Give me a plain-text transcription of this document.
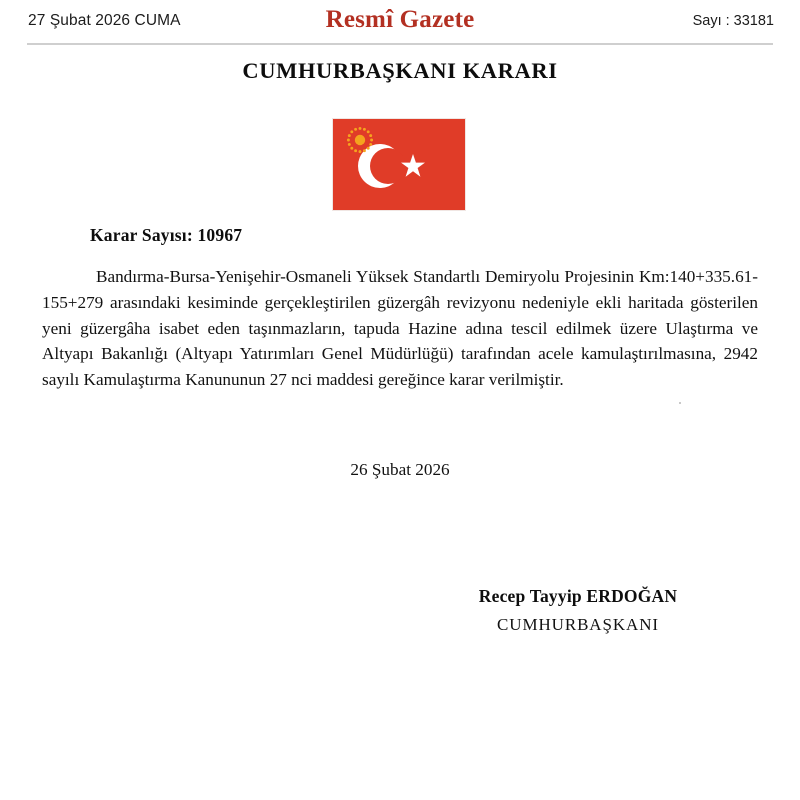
27 Şubat 2026 CUMA	Resmî Gazete	Sayı : 33181
CUMHURBAŞKANI KARARI
Karar Sayısı: 10967
Bandırma-Bursa-Yenişehir-Osmaneli Yüksek Standartlı Demiryolu Projesinin Km:140+335.61-155+279 arasındaki kesiminde gerçekleştirilen güzergâh revizyonu nedeniyle ekli haritada gösterilen yeni güzergâha isabet eden taşınmazların, tapuda Hazine adına tescil edilmek üzere Ulaştırma ve Altyapı Bakanlığı (Altyapı Yatırımları Genel Müdürlüğü) tarafından acele kamulaştırılmasına, 2942 sayılı Kamulaştırma Kanununun 27 nci maddesi gereğince karar verilmiştir.
26 Şubat 2026
Recep Tayyip ERDOĞAN
CUMHURBAŞKANI
